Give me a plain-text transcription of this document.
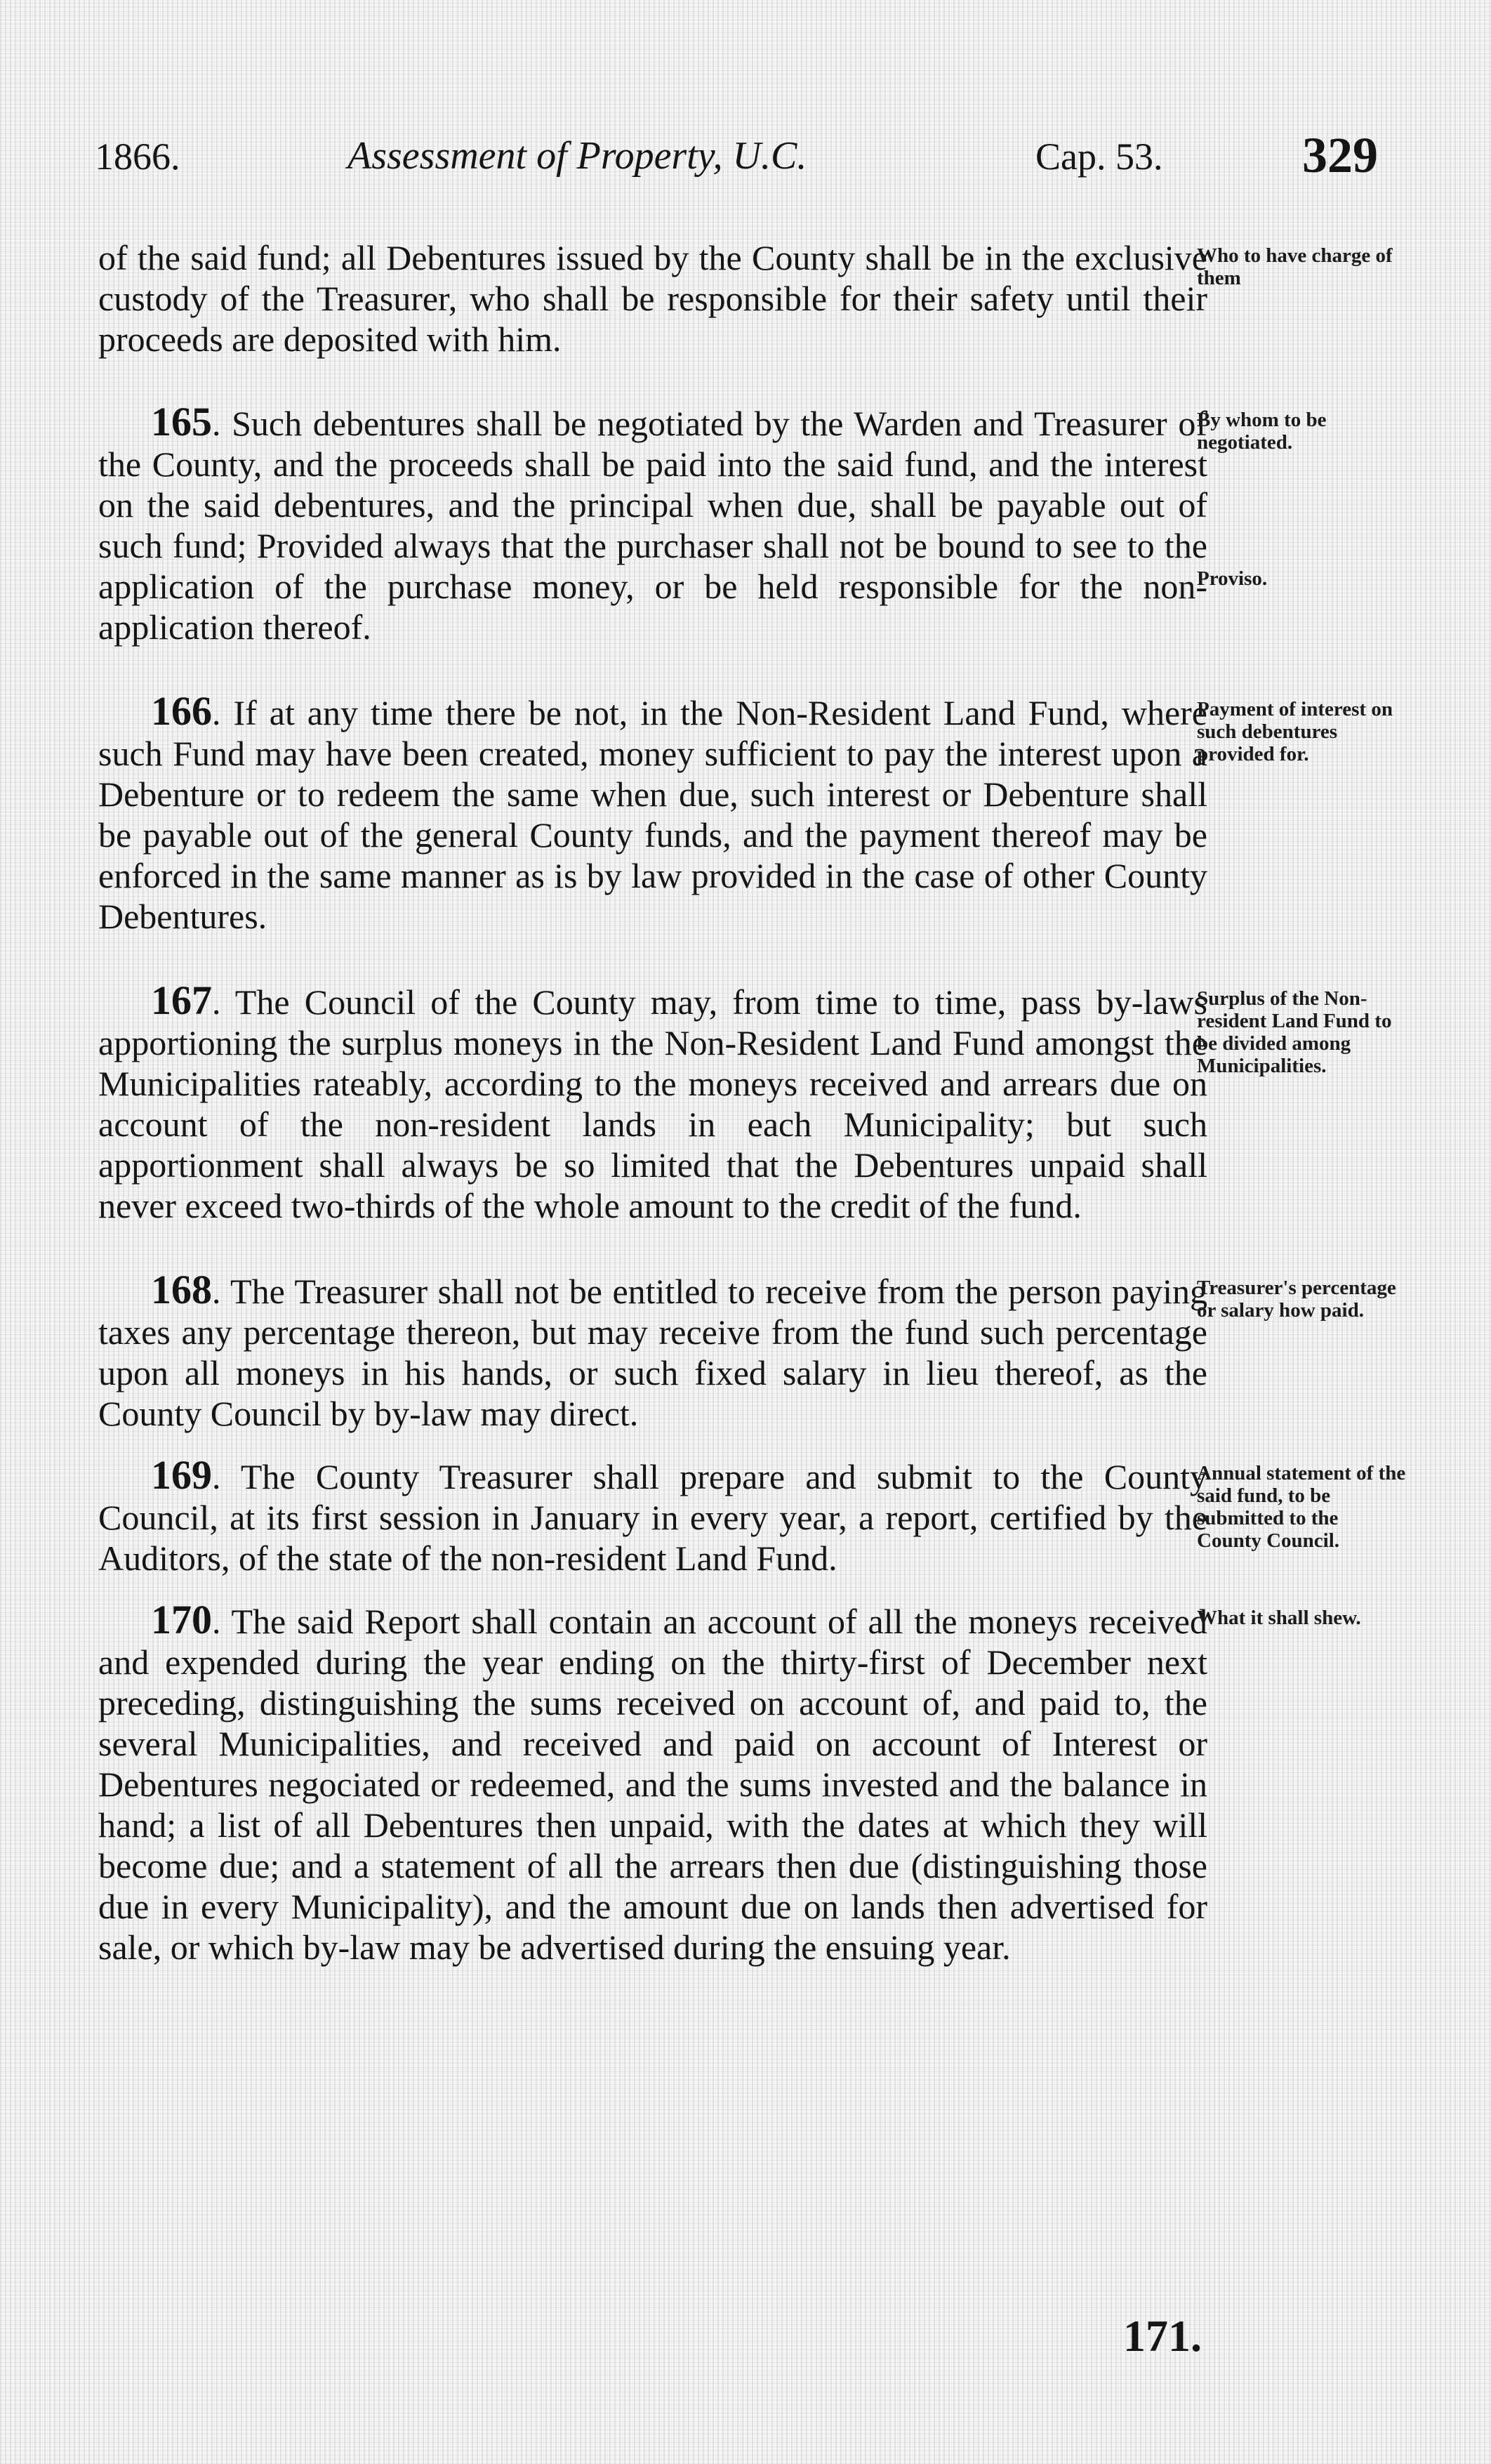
1866.	Assessment of Property, U.C.	Cap. 53.	329
of the said fund; all Debentures issued by the County shall be in the exclusive custody of the Treasurer, who shall be responsible for their safety until their proceeds are deposited with him.
Who to have charge of them
165. Such debentures shall be negotiated by the Warden and Treasurer of the County, and the proceeds shall be paid into the said fund, and the interest on the said debentures, and the principal when due, shall be payable out of such fund; Provided always that the purchaser shall not be bound to see to the application of the purchase money, or be held responsible for the non-application thereof.
By whom to be negotiated.
Proviso.
166. If at any time there be not, in the Non-Resident Land Fund, where such Fund may have been created, money sufficient to pay the interest upon a Debenture or to redeem the same when due, such interest or Debenture shall be payable out of the general County funds, and the payment thereof may be enforced in the same manner as is by law provided in the case of other County Debentures.
Payment of interest on such debentures provided for.
167. The Council of the County may, from time to time, pass by-laws apportioning the surplus moneys in the Non-Resident Land Fund amongst the Municipalities rateably, according to the moneys received and arrears due on account of the non-resident lands in each Municipality; but such apportionment shall always be so limited that the Debentures unpaid shall never exceed two-thirds of the whole amount to the credit of the fund.
Surplus of the Non-resident Land Fund to be divided among Municipalities.
168. The Treasurer shall not be entitled to receive from the person paying taxes any percentage thereon, but may receive from the fund such percentage upon all moneys in his hands, or such fixed salary in lieu thereof, as the County Council by by-law may direct.
Treasurer's percentage or salary how paid.
169. The County Treasurer shall prepare and submit to the County Council, at its first session in January in every year, a report, certified by the Auditors, of the state of the non-resident Land Fund.
Annual statement of the said fund, to be submitted to the County Council.
170. The said Report shall contain an account of all the moneys received and expended during the year ending on the thirty-first of December next preceding, distinguishing the sums received on account of, and paid to, the several Municipalities, and received and paid on account of Interest or Debentures negociated or redeemed, and the sums invested and the balance in hand; a list of all Debentures then unpaid, with the dates at which they will become due; and a statement of all the arrears then due (distinguishing those due in every Municipality), and the amount due on lands then advertised for sale, or which by-law may be advertised during the ensuing year.
What it shall shew.
171.
